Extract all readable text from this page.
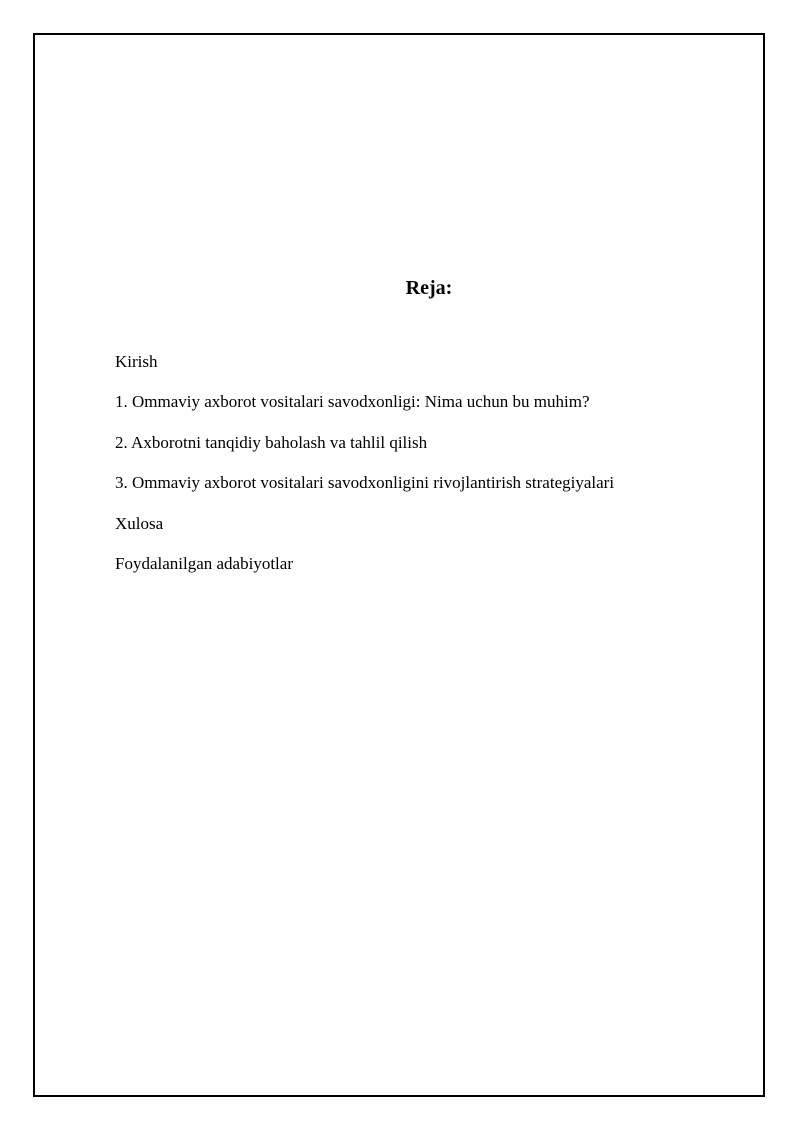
Reja:
Kirish
1. Ommaviy axborot vositalari savodxonligi: Nima uchun bu muhim?
2. Axborotni tanqidiy baholash va tahlil qilish
3. Ommaviy axborot vositalari savodxonligini rivojlantirish strategiyalari
Xulosa
Foydalanilgan adabiyotlar
